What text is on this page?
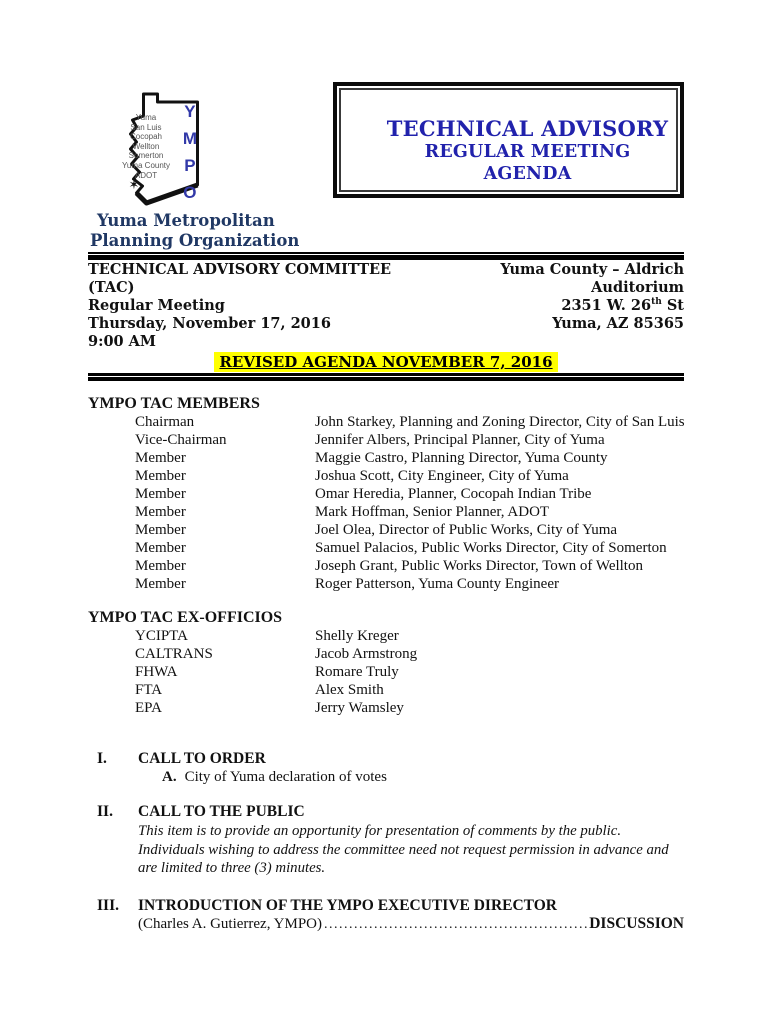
✶
Yuma
San Luis
Cocopah
Wellton
Somerton
Yuma County
ADOT
Y
M
P
O
Yuma Metropolitan
Planning Organization
TECHNICAL ADVISORY
REGULAR MEETING AGENDA
TECHNICAL ADVISORY COMMITTEE (TAC)
Yuma County – Aldrich Auditorium
Regular Meeting	2351 W. 26th St
Thursday, November 17, 2016	Yuma, AZ 85365
9:00 AM
REVISED AGENDA NOVEMBER 7, 2016
YMPO TAC MEMBERS
Chairman	John Starkey, Planning and Zoning Director, City of San Luis
Vice-Chairman	Jennifer Albers, Principal Planner, City of Yuma
Member	Maggie Castro, Planning Director, Yuma County
Member	Joshua Scott, City Engineer, City of Yuma
Member	Omar Heredia, Planner, Cocopah Indian Tribe
Member	Mark Hoffman, Senior Planner, ADOT
Member	Joel Olea, Director of Public Works, City of Yuma
Member	Samuel Palacios, Public Works Director, City of Somerton
Member	Joseph Grant, Public Works Director, Town of Wellton
Member	Roger Patterson, Yuma County Engineer
YMPO TAC EX-OFFICIOS
YCIPTA	Shelly Kreger
CALTRANS	Jacob Armstrong
FHWA	Romare Truly
FTA	Alex Smith
EPA	Jerry Wamsley
I.	CALL TO ORDER
A. City of Yuma declaration of votes
II.	CALL TO THE PUBLIC
This item is to provide an opportunity for presentation of comments by the public. Individuals wishing to address the committee need not request permission in advance and are limited to three (3) minutes.
III.	INTRODUCTION OF THE YMPO EXECUTIVE DIRECTOR
(Charles A. Gutierrez, YMPO) .....	DISCUSSION
